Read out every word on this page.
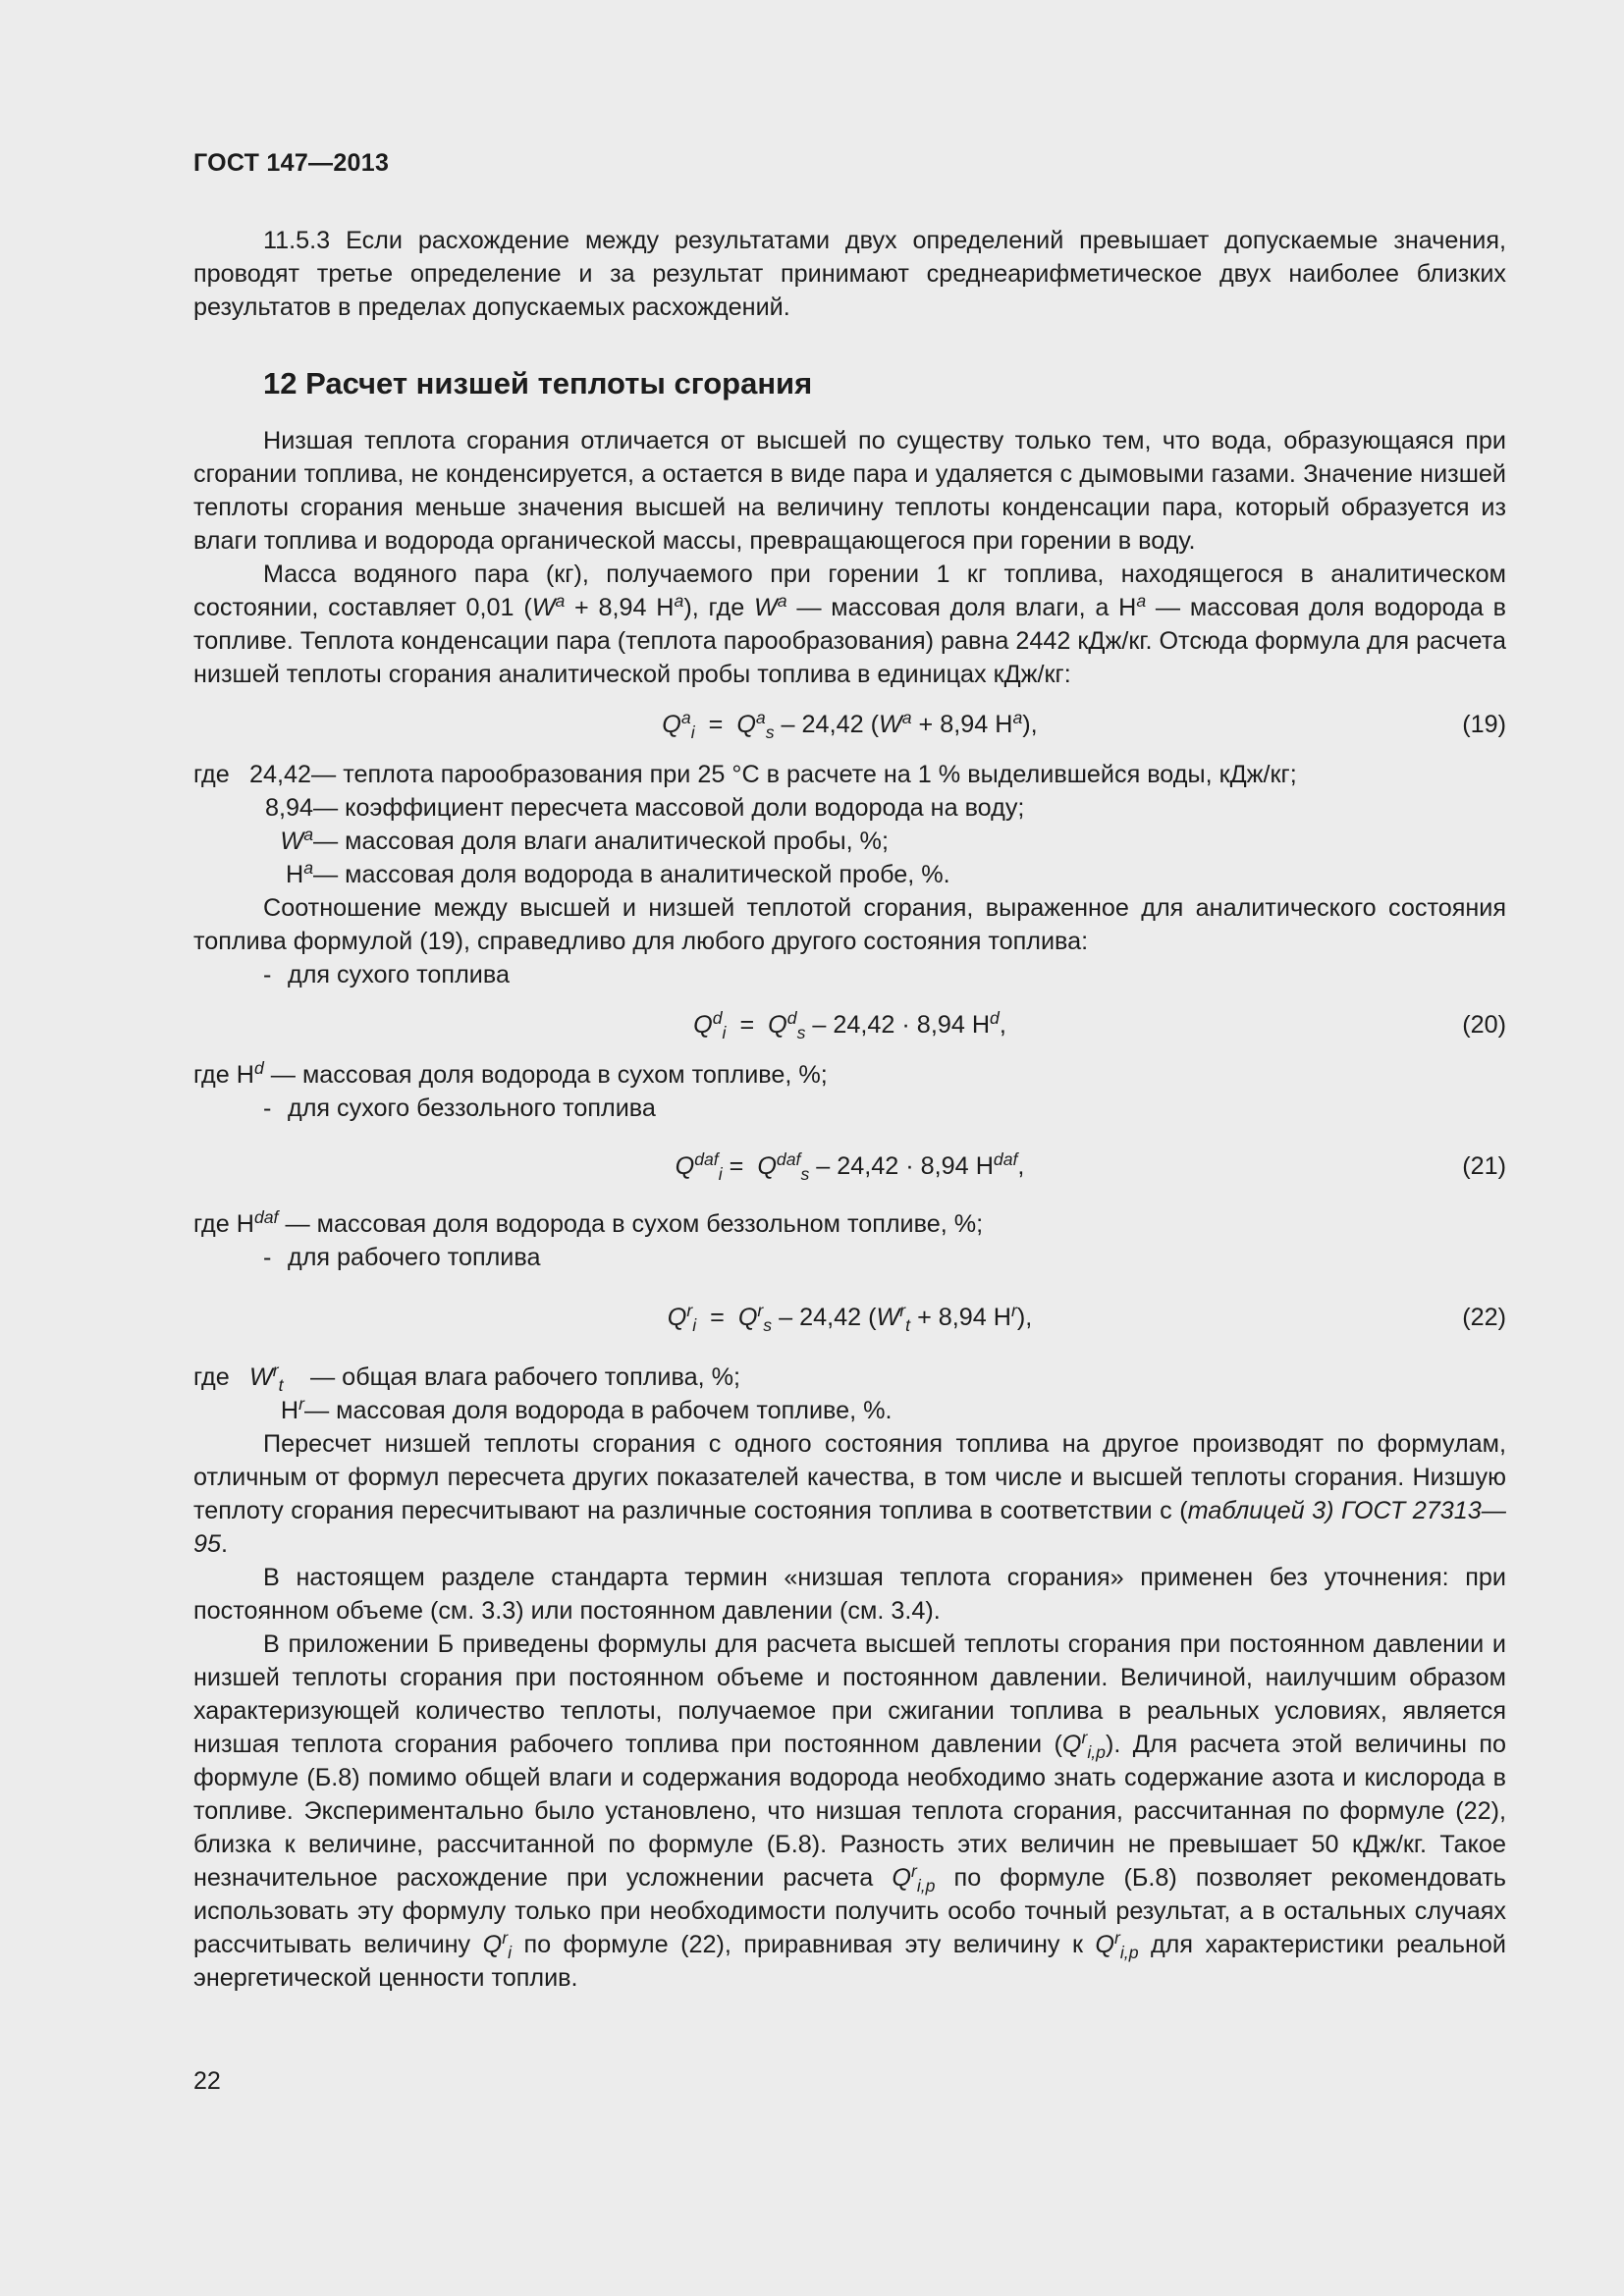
ГОСТ 147—2013

11.5.3 Если расхождение между результатами двух определений превышает допускаемые значения, проводят третье определение и за результат принимают среднеарифметическое двух наиболее близких результатов в пределах допускаемых расхождений.

12 Расчет низшей теплоты сгорания

Низшая теплота сгорания отличается от высшей по существу только тем, что вода, образующаяся при сгорании топлива, не конденсируется, а остается в виде пара и удаляется с дымовыми газами. Значение низшей теплоты сгорания меньше значения высшей на величину теплоты конденсации пара, который образуется из влаги топлива и водорода органической массы, превращающегося при горении в воду.

Масса водяного пара (кг), получаемого при горении 1 кг топлива, находящегося в аналитическом состоянии, составляет 0,01 ($W^a + 8,94$ $H^a$), где $W^a$ — массовая доля влаги, а $H^a$ — массовая доля водорода в топливе. Теплота конденсации пара (теплота парообразования) равна 2442 кДж/кг. Отсюда формула для расчета низшей теплоты сгорания аналитической пробы топлива в единицах кДж/кг:

$Q^a_i = Q^a_s - 24,42$ ($W^a + 8,94$ $H^a$),	(19)
где 24,42 — теплота парообразования при 25 °С в расчете на 1 % выделившейся воды, кДж/кг;
8,94 — коэффициент пересчета массовой доли водорода на воду;
$W^a$ — массовая доля влаги аналитической пробы, %;
$H^a$ — массовая доля водорода в аналитической пробе, %.

Соотношение между высшей и низшей теплотой сгорания, выраженное для аналитического состояния топлива формулой (19), справедливо для любого другого состояния топлива:

- для сухого топлива
$Q^d_i = Q^d_s - 24,42 \cdot 8,94$ $H^d$,	(20)
где $H^d$ — массовая доля водорода в сухом топливе, %;
- для сухого беззольного топлива
$Q^{daf}_i = Q^{daf}_s - 24,42 \cdot 8,94$ $H^{daf}$,	(21)
где $H^{daf}$ — массовая доля водорода в сухом беззольном топливе, %;
- для рабочего топлива
$Q^r_i = Q^r_s - 24,42$ ($W^r_t + 8,94$ $H^r$),	(22)
где $W^r_t$	— общая влага рабочего топлива, %;
$H^r$ — массовая доля водорода в рабочем топливе, %.

Пересчет низшей теплоты сгорания с одного состояния топлива на другое производят по формулам, отличным от формул пересчета других показателей качества, в том числе и высшей теплоты сгорания. Низшую теплоту сгорания пересчитывают на различные состояния топлива в соответствии с (таблицей 3) ГОСТ 27313—95.

В настоящем разделе стандарта термин «низшая теплота сгорания» применен без уточнения: при постоянном объеме (см. 3.3) или постоянном давлении (см. 3.4).

В приложении Б приведены формулы для расчета высшей теплоты сгорания при постоянном давлении и низшей теплоты сгорания при постоянном объеме и постоянном давлении. Величиной, наилучшим образом характеризующей количество теплоты, получаемое при сжигании топлива в реальных условиях, является низшая теплота сгорания рабочего топлива при постоянном давлении $(Q^r_{i,p})$. Для расчета этой величины по формуле (Б.8) помимо общей влаги и содержания водорода необходимо знать содержание азота и кислорода в топливе. Экспериментально было установлено, что низшая теплота сгорания, рассчитанная по формуле (22), близка к величине, рассчитанной по формуле (Б.8). Разность этих величин не превышает 50 кДж/кг. Такое незначительное расхождение при усложнении расчета $Q^r_{i,p}$ по формуле (Б.8) позволяет рекомендовать использовать эту формулу только при необходимости получить особо точный результат, а в остальных случаях рассчитывать величину $Q^r_i$ по формуле (22), приравнивая эту величину к $Q^r_{i,p}$ для характеристики реальной энергетической ценности топлив.

22
